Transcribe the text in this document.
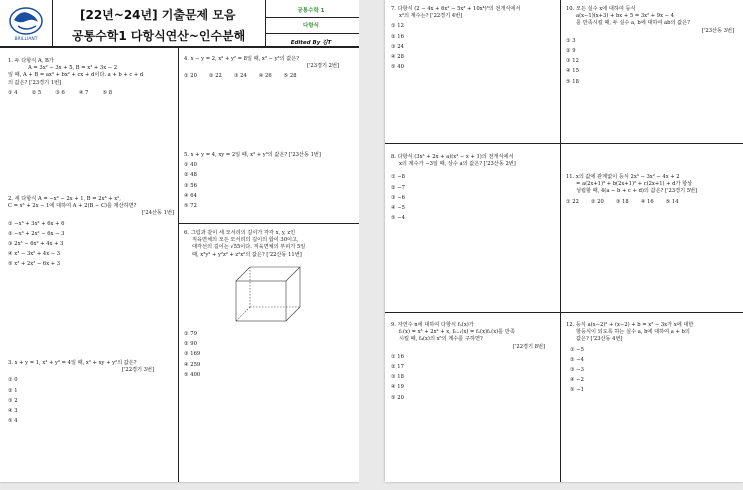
BRILLIANT
[22년~24년] 기출문제 모음
공통수학1 다항식연산~인수분해
공통수학 1
다항식
Edited By 김T

1. 두 다항식 A, B가

A = 3x² − 3x + 5, B = x³ + 3x − 2

일 때, A + B = ax³ + bx² + cx + d이다. a + b + c + d

의 값은? ['23경기 1번]

① 4	② 5	③ 6	④ 7	⑤ 8

2. 세 다항식 A = −x³ − 2x + 1, B = 2x³ + x²,

C = x³ + 2x − 1에 대하여 A + 2(B − C)를 계산하면?

['24산동 1번]

① −x³ + 3x² + 6x + 6
② −x³ + 2x² − 6x − 3
③ 2x³ − 6x² + 4x + 3
④ x³ − 3x² + 4x − 3
⑤ x³ + 2x² − 6x + 3

3. x + y = 1, x³ + y³ = 4일 때, x² + xy + y²의 값은?

['22경기 3번]

① 0
② 1
③ 2
④ 3
⑤ 4

4. x − y = 2, x² + y² = 8일 때, x³ − y³의 값은?

['23경기 2번]

① 20 ② 22 ③ 24 ④ 26 ⑤ 28

5. x + y = 4, xy = 2일 때, x³ + y³의 값은? ['23산동 1번]

① 40
② 48
③ 56
④ 64
⑤ 72

6. 그림과 같이 세 모서리의 길이가 각각 x, y, z인

직육면체의 모든 모서리의 길이의 합이 30이고,

대각선의 길이는 √55이다. 직육면체의 부피가 5일

때, x²y² + y²z² + z²x²의 값은? ['22산동 11번]

① 79
② 90
③ 169
④ 259
⑤ 400

7. 다항식 (2 − 4x + 6x² − 5x³ + 10x⁴)³의 전개식에서

x³의 계수는? ['22경기 4번]

① 12
② 16
③ 24
④ 28
⑤ 40

8. 다항식 (3x³ + 2x + a)(x² − x + 1)의 전개식에서

x의 계수가 −3일 때, 상수 a의 값은? ['23산동 2번]

① −8
② −7
③ −6
④ −5
⑤ −4

9. 자연수 n에 대하여 다항식 fₙ(x)가

f₁(x) = x³ + 2x² + x, fₙ₊₁(x) = f₁(x)fₙ(x)를 만족

시킬 때, f₄(x)의 x⁵의 계수를 구하면?

['22경기 8번]

① 16
② 17
③ 18
④ 19
⑤ 20

10. 모든 실수 x에 대하여 등식

a(x−1)(x+3) + bx + 5 = 3x² + 9x − 4

를 만족시킬 때, 두 실수 a, b에 대하여 ab의 값은?

['23산동 3번]

① 3
② 9
③ 12
④ 15
⑤ 18

11. x의 값에 관계없이 등식 2x³ − 3x² − 4x + 2

= a(2x+1)³ + b(2x+1)² + c(2x+1) + d가 항상

성립할 때, 4(a − b + c + d)의 값은? ['23경기 5번]

① 22 ② 20 ③ 18 ④ 16 ⑤ 14

12. 등식 a(x−2)² + (x−2) + b = x² − 3x가 x에 대한

항등식이 되도록 하는 실수 a, b에 대하여 a + b의

값은? ['23산동 4번]

① −5
② −4
③ −3
④ −2
⑤ −1
